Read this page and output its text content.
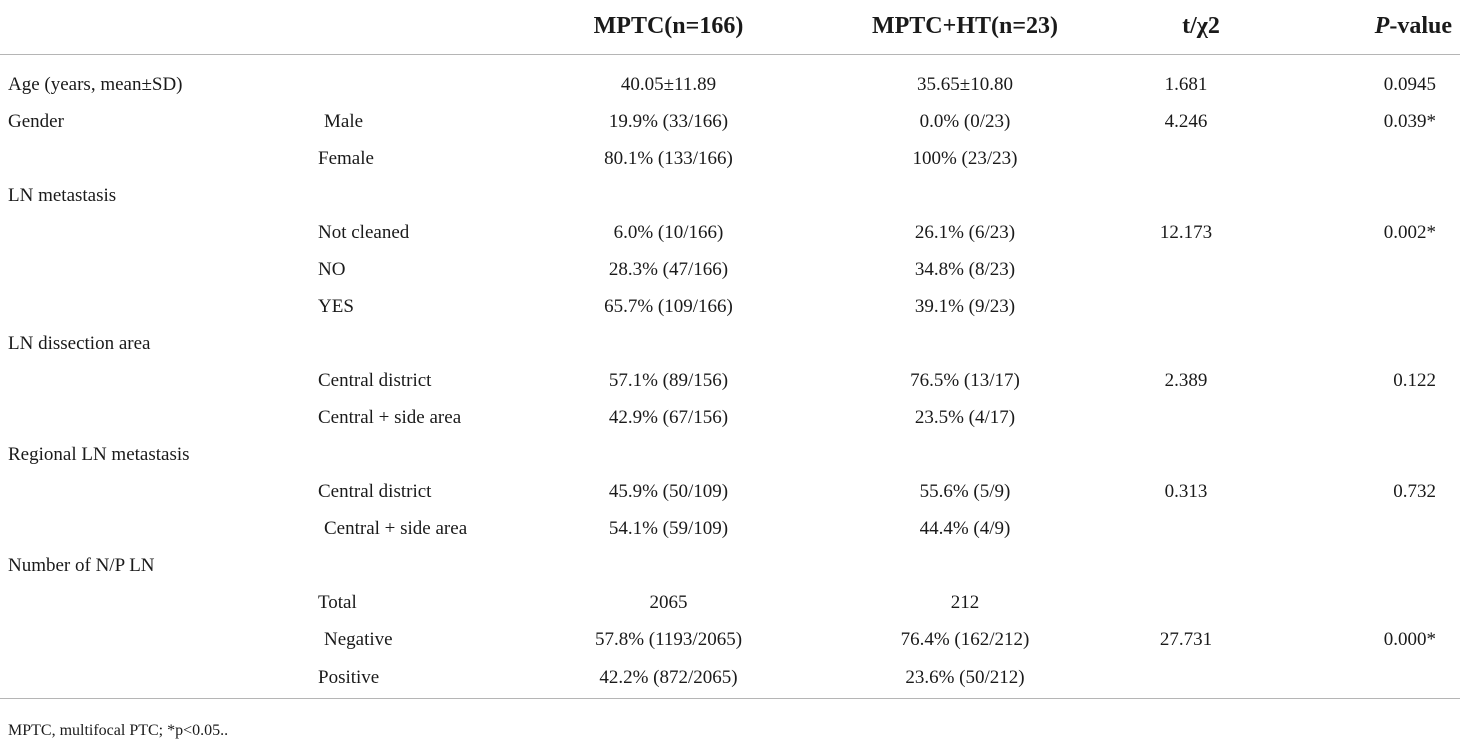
		MPTC(n=166)	MPTC+HT(n=23)	t/χ2	P-value
Age (years, mean±SD)		40.05±11.89	35.65±10.80	1.681	0.0945
Gender	Male	19.9% (33/166)	0.0% (0/23)	4.246	0.039*
	Female	80.1% (133/166)	100% (23/23)		
LN metastasis					
	Not cleaned	6.0% (10/166)	26.1% (6/23)	12.173	0.002*
	NO	28.3% (47/166)	34.8% (8/23)		
	YES	65.7% (109/166)	39.1% (9/23)		
LN dissection area					
	Central district	57.1% (89/156)	76.5% (13/17)	2.389	0.122
	Central + side area	42.9% (67/156)	23.5% (4/17)		
Regional LN metastasis					
	Central district	45.9% (50/109)	55.6% (5/9)	0.313	0.732
	Central + side area	54.1% (59/109)	44.4% (4/9)		
Number of N/P LN					
	Total	2065	212		
	Negative	57.8% (1193/2065)	76.4% (162/212)	27.731	0.000*
	Positive	42.2% (872/2065)	23.6% (50/212)		
MPTC, multifocal PTC; *p<0.05..
